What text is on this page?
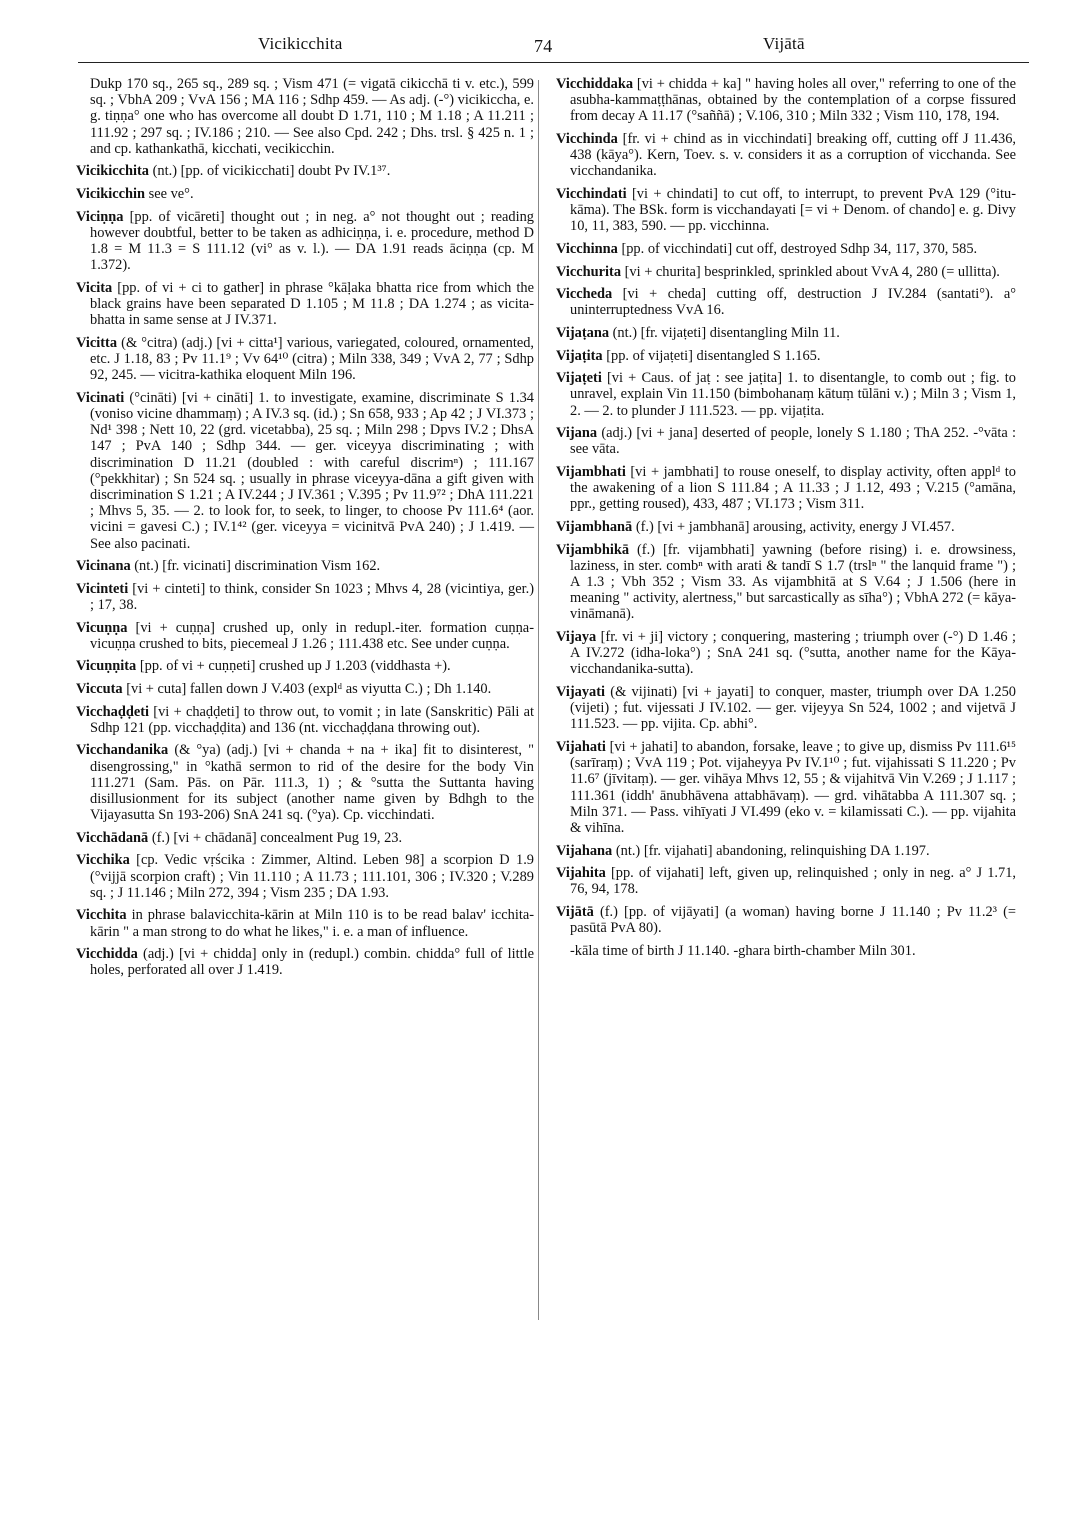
Vicikicchita	74	Vijātā

Dukp 170 sq., 265 sq., 289 sq. ; Vism 471 (= vigatā cikicchā ti v. etc.), 599 sq. ; VbhA 209 ; VvA 156 ; MA 116 ; Sdhp 459. — As adj. (-°) vicikiccha, e. g. tiṇṇa° one who has overcome all doubt D 1.71, 110 ; M 1.18 ; A 11.211 ; 111.92 ; 297 sq. ; IV.186 ; 210. — See also Cpd. 242 ; Dhs. trsl. § 425 n. 1 ; and cp. kathankathā, kicchati, vecikicchin.

Vicikicchita (nt.) [pp. of vicikicchati] doubt Pv IV.1³⁷.

Vicikicchin see ve°.

Viciṇṇa [pp. of vicāreti] thought out ; in neg. a° not thought out ; reading however doubtful, better to be taken as adhiciṇṇa, i. e. procedure, method D 1.8 = M 11.3 = S 111.12 (vi° as v. l.). — DA 1.91 reads āciṇṇa (cp. M 1.372).

Vicita [pp. of vi + ci to gather] in phrase °kāḷaka bhatta rice from which the black grains have been separated D 1.105 ; M 11.8 ; DA 1.274 ; as vicita-bhatta in same sense at J IV.371.

Vicitta (& °citra) (adj.) [vi + citta¹] various, variegated, coloured, ornamented, etc. J 1.18, 83 ; Pv 11.1⁹ ; Vv 64¹⁰ (citra) ; Miln 338, 349 ; VvA 2, 77 ; Sdhp 92, 245. — vicitra-kathika eloquent Miln 196.

Vicinati (°cināti) [vi + cināti] 1. to investigate, examine, discriminate S 1.34 (voniso vicine dhammaṃ) ; A IV.3 sq. (id.) ; Sn 658, 933 ; Ap 42 ; J VI.373 ; Nd¹ 398 ; Nett 10, 22 (grd. vicetabba), 25 sq. ; Miln 298 ; Dpvs IV.2 ; DhsA 147 ; PvA 140 ; Sdhp 344. — ger. viceyya discriminating ; with discrimination D 11.21 (doubled : with careful discrimⁿ) ; 111.167 (°pekkhitar) ; Sn 524 sq. ; usually in phrase viceyya-dāna a gift given with discrimination S 1.21 ; A IV.244 ; J IV.361 ; V.395 ; Pv 11.9⁷² ; DhA 111.221 ; Mhvs 5, 35. — 2. to look for, to seek, to linger, to choose Pv 111.6⁴ (aor. vicini = gavesi C.) ; IV.1⁴² (ger. viceyya = vicinitvā PvA 240) ; J 1.419. — See also pacinati.

Vicinana (nt.) [fr. vicinati] discrimination Vism 162.

Vicinteti [vi + cinteti] to think, consider Sn 1023 ; Mhvs 4, 28 (vicintiya, ger.) ; 17, 38.

Vicuṇṇa [vi + cuṇṇa] crushed up, only in redupl.-iter. formation cuṇṇa-vicuṇṇa crushed to bits, piecemeal J 1.26 ; 111.438 etc. See under cuṇṇa.

Vicuṇṇita [pp. of vi + cuṇṇeti] crushed up J 1.203 (viddhasta +).

Viccuta [vi + cuta] fallen down J V.403 (explᵈ as viyutta C.) ; Dh 1.140.

Vicchaḍḍeti [vi + chaḍḍeti] to throw out, to vomit ; in late (Sanskritic) Pāli at Sdhp 121 (pp. vicchaḍḍita) and 136 (nt. vicchaḍḍana throwing out).

Vicchandanika (& °ya) (adj.) [vi + chanda + na + ika] fit to disinterest, " disengrossing," in °kathā sermon to rid of the desire for the body Vin 111.271 (Sam. Pās. on Pār. 111.3, 1) ; & °sutta the Suttanta having disillusionment for its subject (another name given by Bdhgh to the Vijayasutta Sn 193-206) SnA 241 sq. (°ya). Cp. vicchindati.

Vicchādanā (f.) [vi + chādanā] concealment Pug 19, 23.

Vicchika [cp. Vedic vṛścika : Zimmer, Altind. Leben 98] a scorpion D 1.9 (°vijjā scorpion craft) ; Vin 11.110 ; A 11.73 ; 111.101, 306 ; IV.320 ; V.289 sq. ; J 11.146 ; Miln 272, 394 ; Vism 235 ; DA 1.93.

Vicchita in phrase balavicchita-kārin at Miln 110 is to be read balav' icchita-kārin " a man strong to do what he likes," i. e. a man of influence.

Vicchidda (adj.) [vi + chidda] only in (redupl.) combin. chidda° full of little holes, perforated all over J 1.419.

Vicchiddaka [vi + chidda + ka] " having holes all over," referring to one of the asubha-kammaṭṭhānas, obtained by the contemplation of a corpse fissured from decay A 11.17 (°saññā) ; V.106, 310 ; Miln 332 ; Vism 110, 178, 194.

Vicchinda [fr. vi + chind as in vicchindati] breaking off, cutting off J 11.436, 438 (kāya°). Kern, Toev. s. v. considers it as a corruption of vicchanda. See vicchandanika.

Vicchindati [vi + chindati] to cut off, to interrupt, to prevent PvA 129 (°itu-kāma). The BSk. form is vicchandayati [= vi + Denom. of chando] e. g. Divy 10, 11, 383, 590. — pp. vicchinna.

Vicchinna [pp. of vicchindati] cut off, destroyed Sdhp 34, 117, 370, 585.

Vicchurita [vi + churita] besprinkled, sprinkled about VvA 4, 280 (= ullitta).

Viccheda [vi + cheda] cutting off, destruction J IV.284 (santati°). a° uninterruptedness VvA 16.

Vijaṭana (nt.) [fr. vijaṭeti] disentangling Miln 11.

Vijaṭita [pp. of vijaṭeti] disentangled S 1.165.

Vijaṭeti [vi + Caus. of jaṭ : see jaṭita] 1. to disentangle, to comb out ; fig. to unravel, explain Vin 11.150 (bimbohanaṃ kātuṃ tūlāni v.) ; Miln 3 ; Vism 1, 2. — 2. to plunder J 111.523. — pp. vijaṭita.

Vijana (adj.) [vi + jana] deserted of people, lonely S 1.180 ; ThA 252. -°vāta : see vāta.

Vijambhati [vi + jambhati] to rouse oneself, to display activity, often applᵈ to the awakening of a lion S 111.84 ; A 11.33 ; J 1.12, 493 ; V.215 (°amāna, ppr., getting roused), 433, 487 ; VI.173 ; Vism 311.

Vijambhanā (f.) [vi + jambhanā] arousing, activity, energy J VI.457.

Vijambhikā (f.) [fr. vijambhati] yawning (before rising) i. e. drowsiness, laziness, in ster. combⁿ with arati & tandī S 1.7 (trslⁿ " the lanquid frame ") ; A 1.3 ; Vbh 352 ; Vism 33. As vijambhitā at S V.64 ; J 1.506 (here in meaning " activity, alertness," but sarcastically as sīha°) ; VbhA 272 (= kāya-vināmanā).

Vijaya [fr. vi + ji] victory ; conquering, mastering ; triumph over (-°) D 1.46 ; A IV.272 (idha-loka°) ; SnA 241 sq. (°sutta, another name for the Kāya-vicchandanika-sutta).

Vijayati (& vijinati) [vi + jayati] to conquer, master, triumph over DA 1.250 (vijeti) ; fut. vijessati J IV.102. — ger. vijeyya Sn 524, 1002 ; and vijetvā J 111.523. — pp. vijita. Cp. abhi°.

Vijahati [vi + jahati] to abandon, forsake, leave ; to give up, dismiss Pv 111.6¹⁵ (sarīraṃ) ; VvA 119 ; Pot. vijaheyya Pv IV.1¹⁰ ; fut. vijahissati S 11.220 ; Pv 11.6⁷ (jīvitaṃ). — ger. vihāya Mhvs 12, 55 ; & vijahitvā Vin V.269 ; J 1.117 ; 111.361 (iddh' ānubhāvena attabhāvaṃ). — grd. vihātabba A 111.307 sq. ; Miln 371. — Pass. vihīyati J VI.499 (eko v. = kilamissati C.). — pp. vijahita & vihīna.

Vijahana (nt.) [fr. vijahati] abandoning, relinquishing DA 1.197.

Vijahita [pp. of vijahati] left, given up, relinquished ; only in neg. a° J 1.71, 76, 94, 178.

Vijātā (f.) [pp. of vijāyati] (a woman) having borne J 11.140 ; Pv 11.2³ (= pasūtā PvA 80).

-kāla time of birth J 11.140. -ghara birth-chamber Miln 301.
